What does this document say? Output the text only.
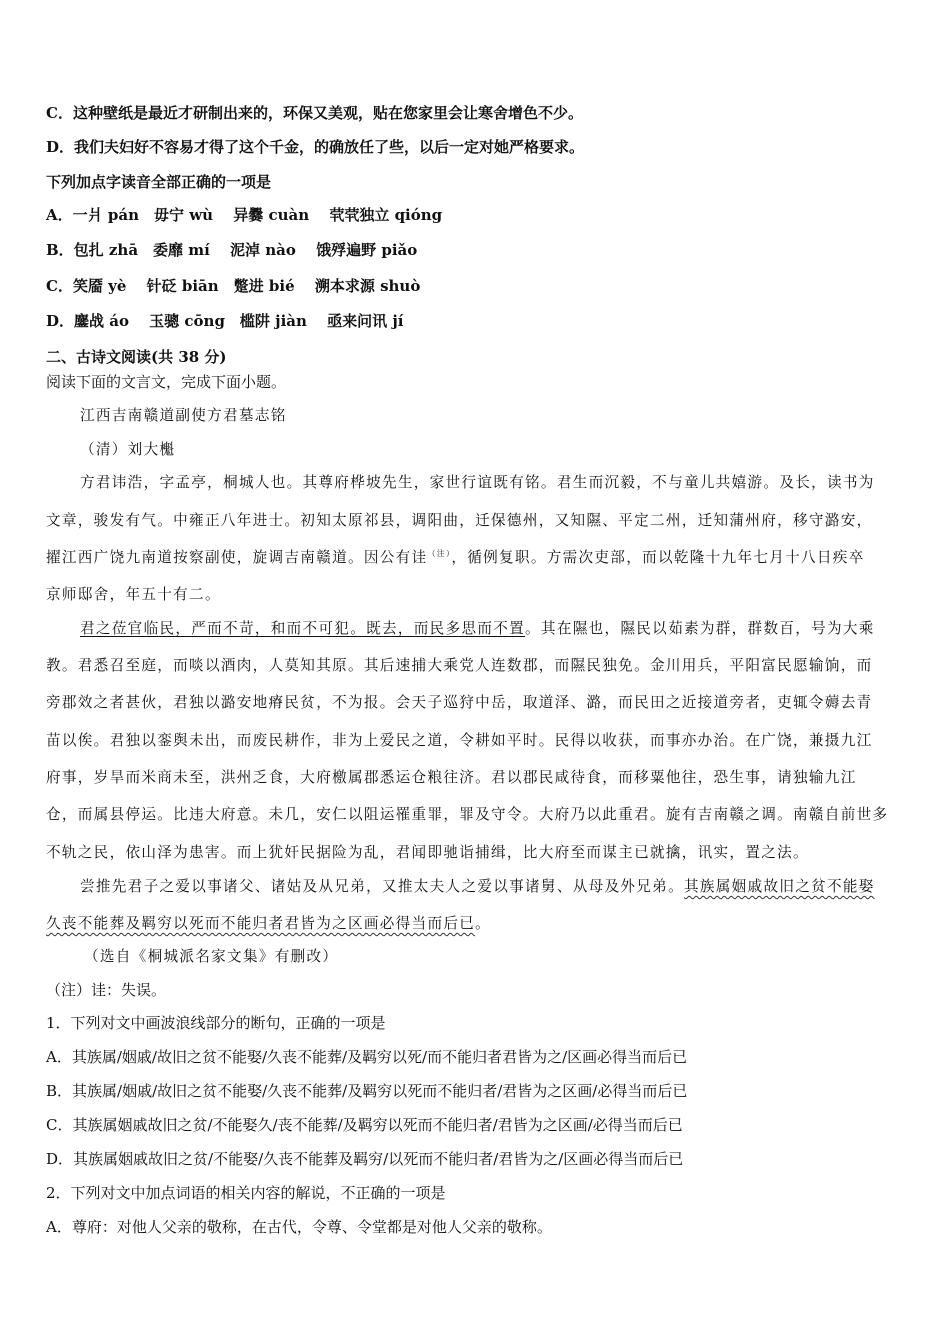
C．这种壁纸是最近才研制出来的，环保又美观，贴在您家里会让寒舍增色不少。
D．我们夫妇好不容易才得了这个千金，的确放任了些，以后一定对她严格要求。
下列加点字读音全部正确的一项是
A．一爿 pán　毋宁 wù　 异爨 cuàn　 茕茕独立 qióng
B．包扎 zhā　委靡 mí　 泥淖 nào　 饿殍遍野 piǎo
C．笑靥 yè　 针砭 biān　蹩进 bié　 溯本求源 shuò
D．鏖战 áo　 玉骢 cōng　槛阱 jiàn　 亟来问讯 jí
二、古诗文阅读(共 38 分)
阅读下面的文言文，完成下面小题。
江西吉南赣道副使方君墓志铭
（清）刘大櫆
方君讳浩，字孟亭，桐城人也。其尊府桦坡先生，家世行谊既有铭。君生而沉毅，不与童儿共嬉游。及长，读书为
文章，骏发有气。中雍正八年进士。初知太原祁县，调阳曲，迁保德州，又知隰、平定二州，迁知蒲州府，移守潞安，
擢江西广饶九南道按察副使，旋调吉南赣道。因公有诖$^{(注)}$，循例复职。方需次吏部，而以乾隆十九年七月十八日疾卒
京师邸舍，年五十有二。
君之莅官临民，严而不苛，和而不可犯。既去，而民多思而不置。其在隰也，隰民以茹素为群，群数百，号为大乘
教。君悉召至庭，而啖以酒肉，人莫知其原。其后速捕大乘党人连数郡，而隰民独免。金川用兵，平阳富民愿输饷，而
旁郡效之者甚伙，君独以潞安地瘠民贫，不为报。会天子巡狩中岳，取道泽、潞，而民田之近接道旁者，吏辄令薅去青
苗以俟。君独以銮舆未出，而废民耕作，非为上爱民之道，令耕如平时。民得以收获，而事亦办治。在广饶，兼摄九江
府事，岁旱而米商未至，洪州乏食，大府檄属郡悉运仓粮往济。君以郡民咸待食，而移粟他往，恐生事，请独输九江
仓，而属县停运。比违大府意。未几，安仁以阻运罹重罪，罪及守令。大府乃以此重君。旋有吉南赣之调。南赣自前世多
不轨之民，依山泽为患害。而上犹奸民据险为乱，君闻即驰诣捕缉，比大府至而谋主已就擒，讯实，置之法。
尝推先君子之爱以事诸父、诸姑及从兄弟，又推太夫人之爱以事诸舅、从母及外兄弟。其族属姻戚故旧之贫不能娶
久丧不能葬及羁穷以死而不能归者君皆为之区画必得当而后已。
（选自《桐城派名家文集》有删改）
（注）诖：失误。
1．下列对文中画波浪线部分的断句，正确的一项是
A．其族属/姻戚/故旧之贫不能娶/久丧不能葬/及羁穷以死/而不能归者君皆为之/区画必得当而后已
B．其族属/姻戚/故旧之贫不能娶/久丧不能葬/及羁穷以死而不能归者/君皆为之区画/必得当而后已
C．其族属姻戚故旧之贫/不能娶久/丧不能葬/及羁穷以死而不能归者/君皆为之区画/必得当而后已
D．其族属姻戚故旧之贫/不能娶/久丧不能葬及羁穷/以死而不能归者/君皆为之/区画必得当而后已
2．下列对文中加点词语的相关内容的解说，不正确的一项是
A．尊府：对他人父亲的敬称，在古代，令尊、令堂都是对他人父亲的敬称。
